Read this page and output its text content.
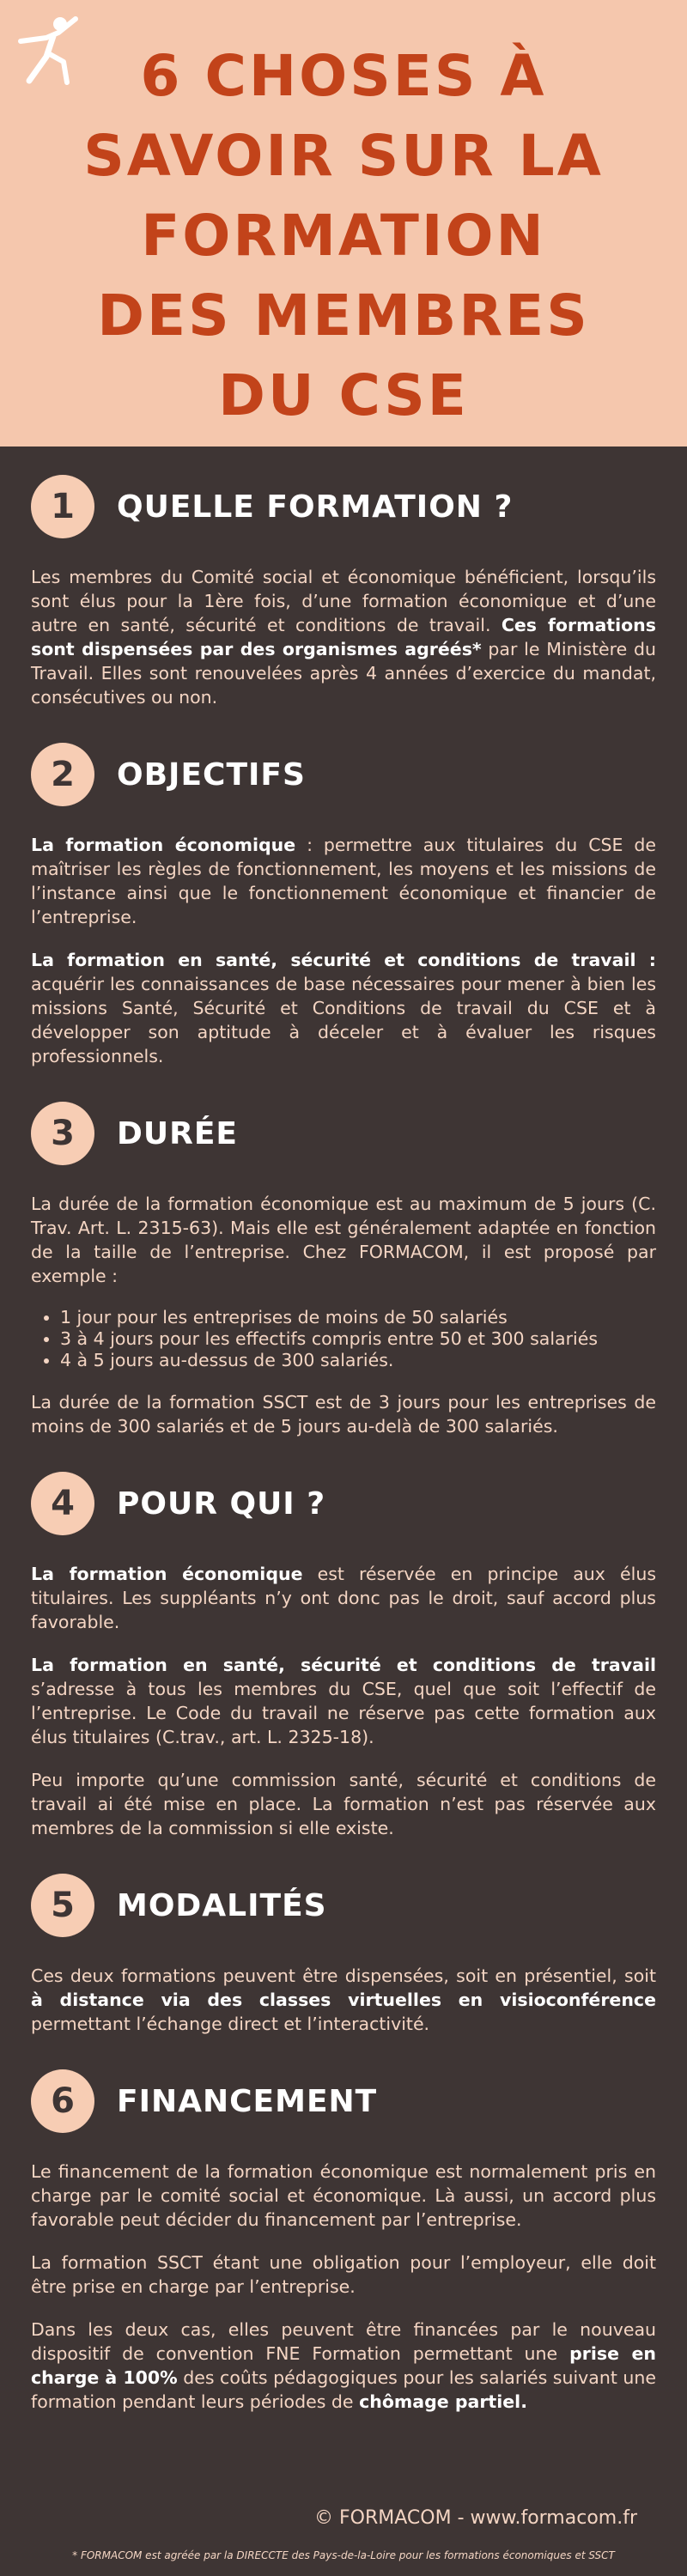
6 CHOSES À SAVOIR SUR LA FORMATION DES MEMBRES DU CSE
1	QUELLE FORMATION ?

Les membres du Comité social et économique bénéficient, lorsqu’ils sont élus pour la 1ère fois, d’une formation économique et d’une autre en santé, sécurité et conditions de travail. Ces formations sont dispensées par des organismes agréés* par le Ministère du Travail. Elles sont renouvelées après 4 années d’exercice du mandat, consécutives ou non.

2	OBJECTIFS

La formation économique : permettre aux titulaires du CSE de maîtriser les règles de fonctionnement, les moyens et les missions de l’instance ainsi que le fonctionnement économique et financier de l’entreprise.

La formation en santé, sécurité et conditions de travail : acquérir les connaissances de base nécessaires pour mener à bien les missions Santé, Sécurité et Conditions de travail du CSE et à développer son aptitude à déceler et à évaluer les risques professionnels.

3	DURÉE

La durée de la formation économique est au maximum de 5 jours (C. Trav. Art. L. 2315-63). Mais elle est généralement adaptée en fonction de la taille de l’entreprise. Chez FORMACOM, il est proposé par exemple :

• 1 jour pour les entreprises de moins de 50 salariés
• 3 à 4 jours pour les effectifs compris entre 50 et 300 salariés
• 4 à 5 jours au-dessus de 300 salariés.

La durée de la formation SSCT est de 3 jours pour les entreprises de moins de 300 salariés et de 5 jours au-delà de 300 salariés.

4	POUR QUI ?

La formation économique est réservée en principe aux élus titulaires. Les suppléants n’y ont donc pas le droit, sauf accord plus favorable.

La formation en santé, sécurité et conditions de travail s’adresse à tous les membres du CSE, quel que soit l’effectif de l’entreprise. Le Code du travail ne réserve pas cette formation aux élus titulaires (C.trav., art. L. 2325-18).

Peu importe qu’une commission santé, sécurité et conditions de travail ai été mise en place. La formation n’est pas réservée aux membres de la commission si elle existe.

5	MODALITÉS

Ces deux formations peuvent être dispensées, soit en présentiel, soit à distance via des classes virtuelles en visioconférence permettant l’échange direct et l’interactivité.

6	FINANCEMENT

Le financement de la formation économique est normalement pris en charge par le comité social et économique. Là aussi, un accord plus favorable peut décider du financement par l’entreprise.

La formation SSCT étant une obligation pour l’employeur, elle doit être prise en charge par l’entreprise.

Dans les deux cas, elles peuvent être financées par le nouveau dispositif de convention FNE Formation permettant une prise en charge à 100% des coûts pédagogiques pour les salariés suivant une formation pendant leurs périodes de chômage partiel.

© FORMACOM - www.formacom.fr
* FORMACOM est agréée par la DIRECCTE des Pays-de-la-Loire pour les formations économiques et SSCT
